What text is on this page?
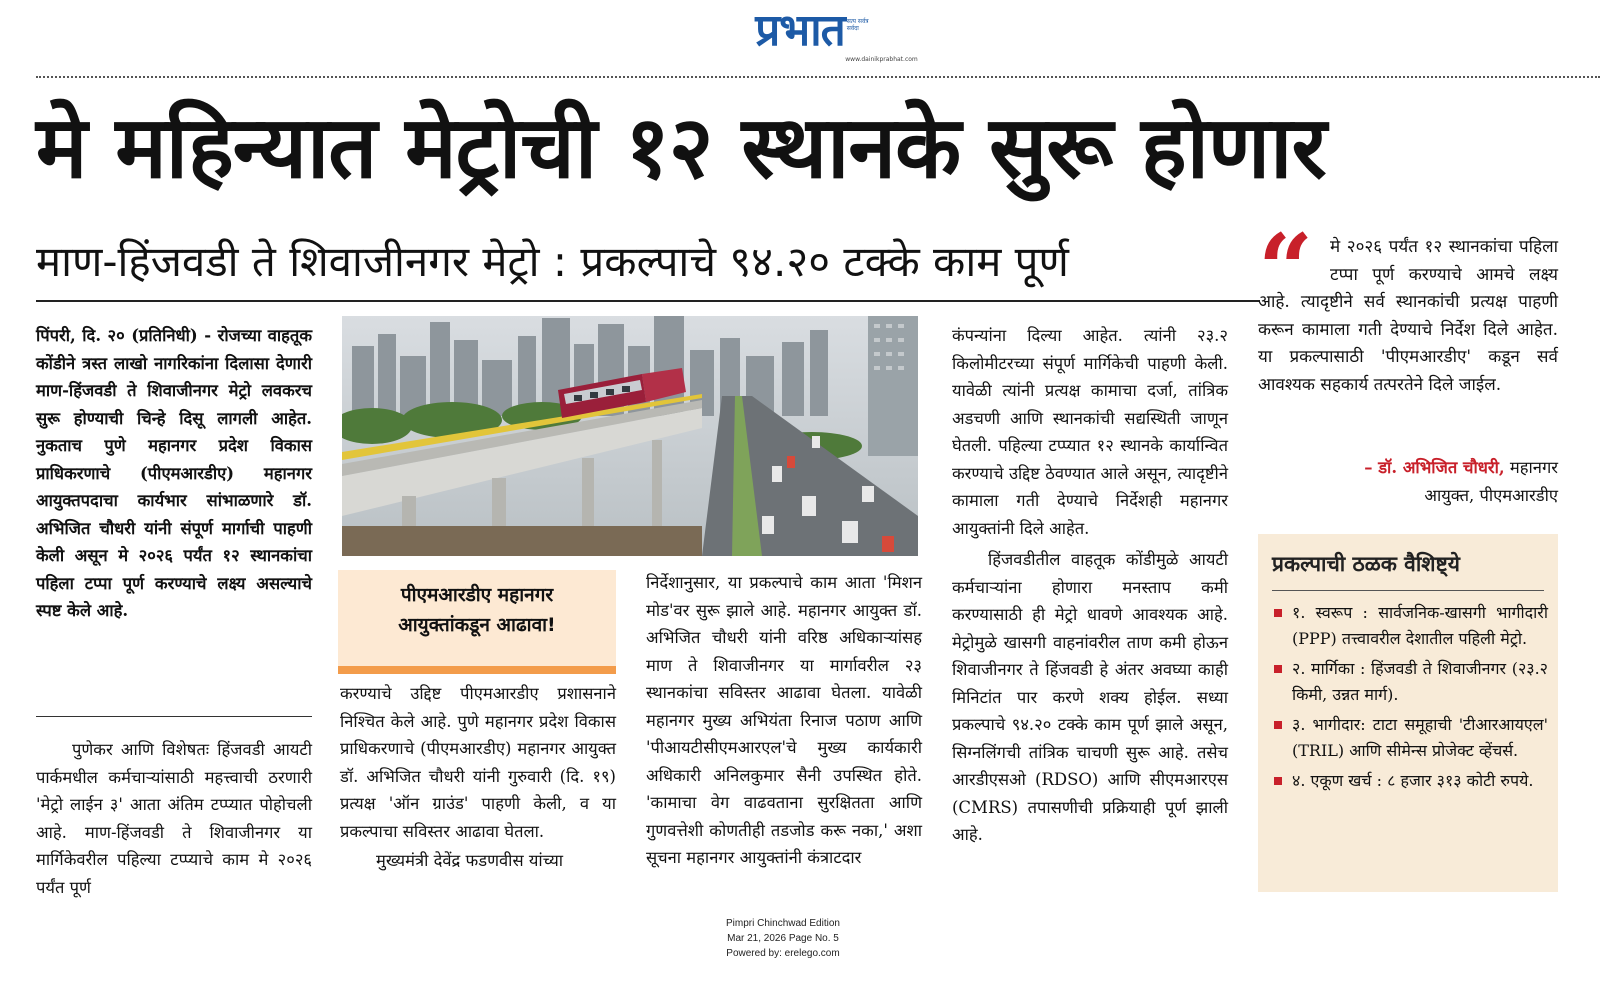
प्रभात सत्य सर्वत्र सर्वदा
www.dainikprabhat.com
मे महिन्यात मेट्रोची १२ स्थानके सुरू होणार
माण-हिंजवडी ते शिवाजीनगर मेट्रो : प्रकल्पाचे ९४.२० टक्के काम पूर्ण

पिंपरी, दि. २० (प्रतिनिधी) - रोजच्या वाहतूक कोंडीने त्रस्त लाखो नागरिकांना दिलासा देणारी माण-हिंजवडी ते शिवाजीनगर मेट्रो लवकरच सुरू होण्याची चिन्हे दिसू लागली आहेत. नुकताच पुणे महानगर प्रदेश विकास प्राधिकरणाचे (पीएमआरडीए) महानगर आयुक्तपदाचा कार्यभार सांभाळणारे डॉ. अभिजित चौधरी यांनी संपूर्ण मार्गाची पाहणी केली असून मे २०२६ पर्यंत १२ स्थानकांचा पहिला टप्पा पूर्ण करण्याचे लक्ष्य असल्याचे स्पष्ट केले आहे.

पुणेकर आणि विशेषतः हिंजवडी आयटी पार्कमधील कर्मचाऱ्यांसाठी महत्त्वाची ठरणारी 'मेट्रो लाईन ३' आता अंतिम टप्प्यात पोहोचली आहे. माण-हिंजवडी ते शिवाजीनगर या मार्गिकेवरील पहिल्या टप्प्याचे काम मे २०२६ पर्यंत पूर्ण

पीएमआरडीए महानगर
आयुक्तांकडून आढावा!

करण्याचे उद्दिष्ट पीएमआरडीए प्रशासनाने निश्चित केले आहे. पुणे महानगर प्रदेश विकास प्राधिकरणाचे (पीएमआरडीए) महानगर आयुक्त डॉ. अभिजित चौधरी यांनी गुरुवारी (दि. १९) प्रत्यक्ष 'ऑन ग्राउंड' पाहणी केली, व या प्रकल्पाचा सविस्तर आढावा घेतला.

मुख्यमंत्री देवेंद्र फडणवीस यांच्या

निर्देशानुसार, या प्रकल्पाचे काम आता 'मिशन मोड'वर सुरू झाले आहे. महानगर आयुक्त डॉ. अभिजित चौधरी यांनी वरिष्ठ अधिकाऱ्यांसह माण ते शिवाजीनगर या मार्गावरील २३ स्थानकांचा सविस्तर आढावा घेतला. यावेळी महानगर मुख्य अभियंता रिनाज पठाण आणि 'पीआयटीसीएमआरएल'चे मुख्य कार्यकारी अधिकारी अनिलकुमार सैनी उपस्थित होते. 'कामाचा वेग वाढवताना सुरक्षितता आणि गुणवत्तेशी कोणतीही तडजोड करू नका,' अशा सूचना महानगर आयुक्तांनी कंत्राटदार

कंपन्यांना दिल्या आहेत. त्यांनी २३.२ किलोमीटरच्या संपूर्ण मार्गिकेची पाहणी केली. यावेळी त्यांनी प्रत्यक्ष कामाचा दर्जा, तांत्रिक अडचणी आणि स्थानकांची सद्यस्थिती जाणून घेतली. पहिल्या टप्प्यात १२ स्थानके कार्यान्वित करण्याचे उद्दिष्ट ठेवण्यात आले असून, त्यादृष्टीने कामाला गती देण्याचे निर्देशही महानगर आयुक्तांनी दिले आहेत.

हिंजवडीतील वाहतूक कोंडीमुळे आयटी कर्मचाऱ्यांना होणारा मनस्ताप कमी करण्यासाठी ही मेट्रो धावणे आवश्यक आहे. मेट्रोमुळे खासगी वाहनांवरील ताण कमी होऊन शिवाजीनगर ते हिंजवडी हे अंतर अवघ्या काही मिनिटांत पार करणे शक्य होईल. सध्या प्रकल्पाचे ९४.२० टक्के काम पूर्ण झाले असून, सिग्नलिंगची तांत्रिक चाचणी सुरू आहे. तसेच आरडीएसओ (RDSO) आणि सीएमआरएस (CMRS) तपासणीची प्रक्रियाही पूर्ण झाली आहे.

“ मे २०२६ पर्यंत १२ स्थानकांचा पहिला टप्पा पूर्ण करण्याचे आमचे लक्ष्य आहे. त्यादृष्टीने सर्व स्थानकांची प्रत्यक्ष पाहणी करून कामाला गती देण्याचे निर्देश दिले आहेत. या प्रकल्पासाठी 'पीएमआरडीए' कडून सर्व आवश्यक सहकार्य तत्परतेने दिले जाईल.
– डॉ. अभिजित चौधरी, महानगर
आयुक्त, पीएमआरडीए
प्रकल्पाची ठळक वैशिष्ट्ये
१. स्वरूप : सार्वजनिक-खासगी भागीदारी (PPP) तत्त्वावरील देशातील पहिली मेट्रो.
२. मार्गिका : हिंजवडी ते शिवाजीनगर (२३.२ किमी, उन्नत मार्ग).
३. भागीदार: टाटा समूहाची 'टीआरआयएल' (TRIL) आणि सीमेन्स प्रोजेक्ट व्हेंचर्स.
४. एकूण खर्च : ८ हजार ३१३ कोटी रुपये.
Pimpri Chinchwad Edition
Mar 21, 2026 Page No. 5
Powered by: erelego.com
